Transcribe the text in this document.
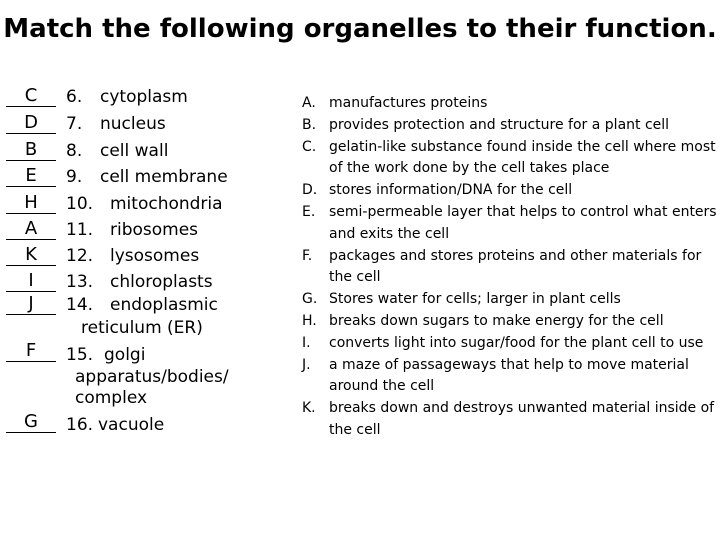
Match the following organelles to their function.
C	6. cytoplasm
D	7. nucleus
B	8. cell wall
E	9. cell membrane
H	10. mitochondria
A	11. ribosomes
K	12. lysosomes
I	13. chloroplasts
J	14. endoplasmic
reticulum (ER)
F	15. golgi
apparatus/bodies/
complex
G	16. vacuole
A. manufactures proteins
B. provides protection and structure for a plant cell
C. gelatin-like substance found inside the cell where most of the work done by the cell takes place
D. stores information/DNA for the cell
E. semi-permeable layer that helps to control what enters and exits the cell
F. packages and stores proteins and other materials for the cell
G. Stores water for cells; larger in plant cells
H. breaks down sugars to make energy for the cell
I. converts light into sugar/food for the plant cell to use
J. a maze of passageways that help to move material around the cell
K. breaks down and destroys unwanted material inside of the cell
